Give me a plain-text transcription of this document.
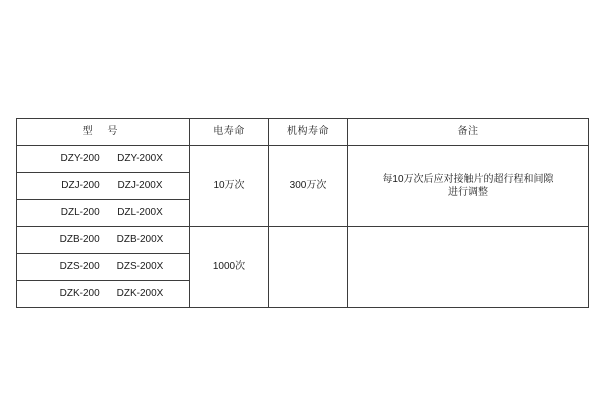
型 号	电寿命	机构寿命	备注
DZY-200 DZY-200X	10万次	300万次	每10万次后应对接触片的超行程和间隙
进行调整

DZJ-200 DZJ-200X			
DZL-200 DZL-200X			
DZB-200 DZB-200X	1000次		
DZS-200 DZS-200X			
DZK-200 DZK-200X			
